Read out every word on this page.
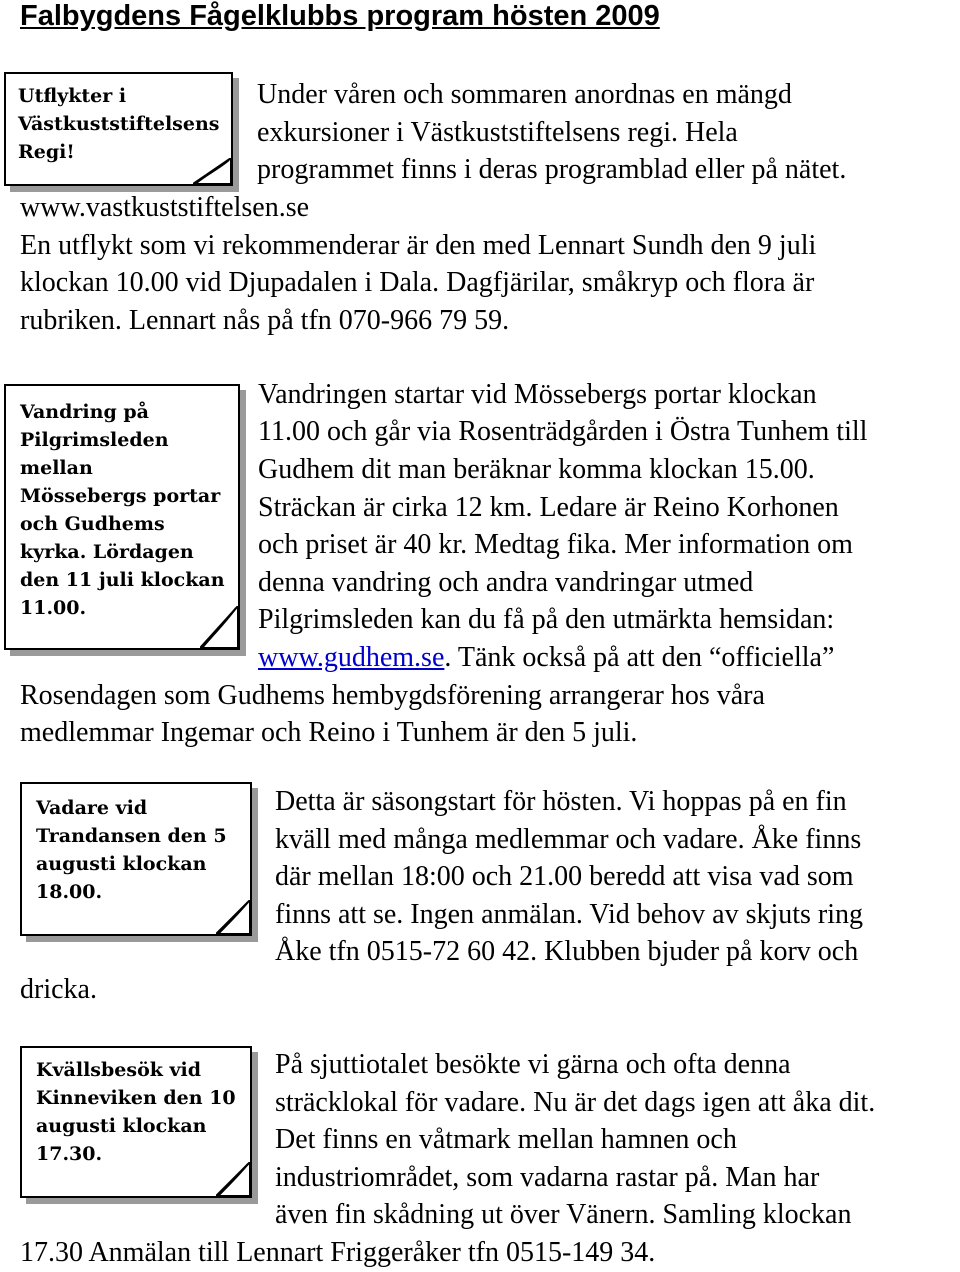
Falbygdens Fågelklubbs program hösten 2009
Utflykter i
Västkuststiftelsens
Regi!
Under våren och sommaren anordnas en mängd
exkursioner i Västkuststiftelsens regi. Hela
programmet finns i deras programblad eller på nätet.
www.vastkuststiftelsen.se
En utflykt som vi rekommenderar är den med Lennart Sundh den 9 juli
klockan 10.00 vid Djupadalen i Dala. Dagfjärilar, småkryp och flora är
rubriken. Lennart nås på tfn 070-966 79 59.
Vandring på
Pilgrimsleden
mellan
Mössebergs portar
och Gudhems
kyrka. Lördagen
den 11 juli klockan
11.00.
Vandringen startar vid Mössebergs portar klockan
11.00 och går via Rosenträdgården i Östra Tunhem till
Gudhem dit man beräknar komma klockan 15.00.
Sträckan är cirka 12 km. Ledare är Reino Korhonen
och priset är 40 kr. Medtag fika. Mer information om
denna vandring och andra vandringar utmed
Pilgrimsleden kan du få på den utmärkta hemsidan:
www.gudhem.se. Tänk också på att den “officiella”
Rosendagen som Gudhems hembygdsförening arrangerar hos våra
medlemmar Ingemar och Reino i Tunhem är den 5 juli.
Vadare vid
Trandansen den 5
augusti klockan
18.00.
Detta är säsongstart för hösten. Vi hoppas på en fin
kväll med många medlemmar och vadare. Åke finns
där mellan 18:00 och 21.00 beredd att visa vad som
finns att se. Ingen anmälan. Vid behov av skjuts ring
Åke tfn 0515-72 60 42. Klubben bjuder på korv och
dricka.
Kvällsbesök vid
Kinneviken den 10
augusti klockan
17.30.
På sjuttiotalet besökte vi gärna och ofta denna
sträcklokal för vadare. Nu är det dags igen att åka dit.
Det finns en våtmark mellan hamnen och
industriområdet, som vadarna rastar på. Man har
även fin skådning ut över Vänern. Samling klockan
17.30 Anmälan till Lennart Friggeråker tfn 0515-149 34.
